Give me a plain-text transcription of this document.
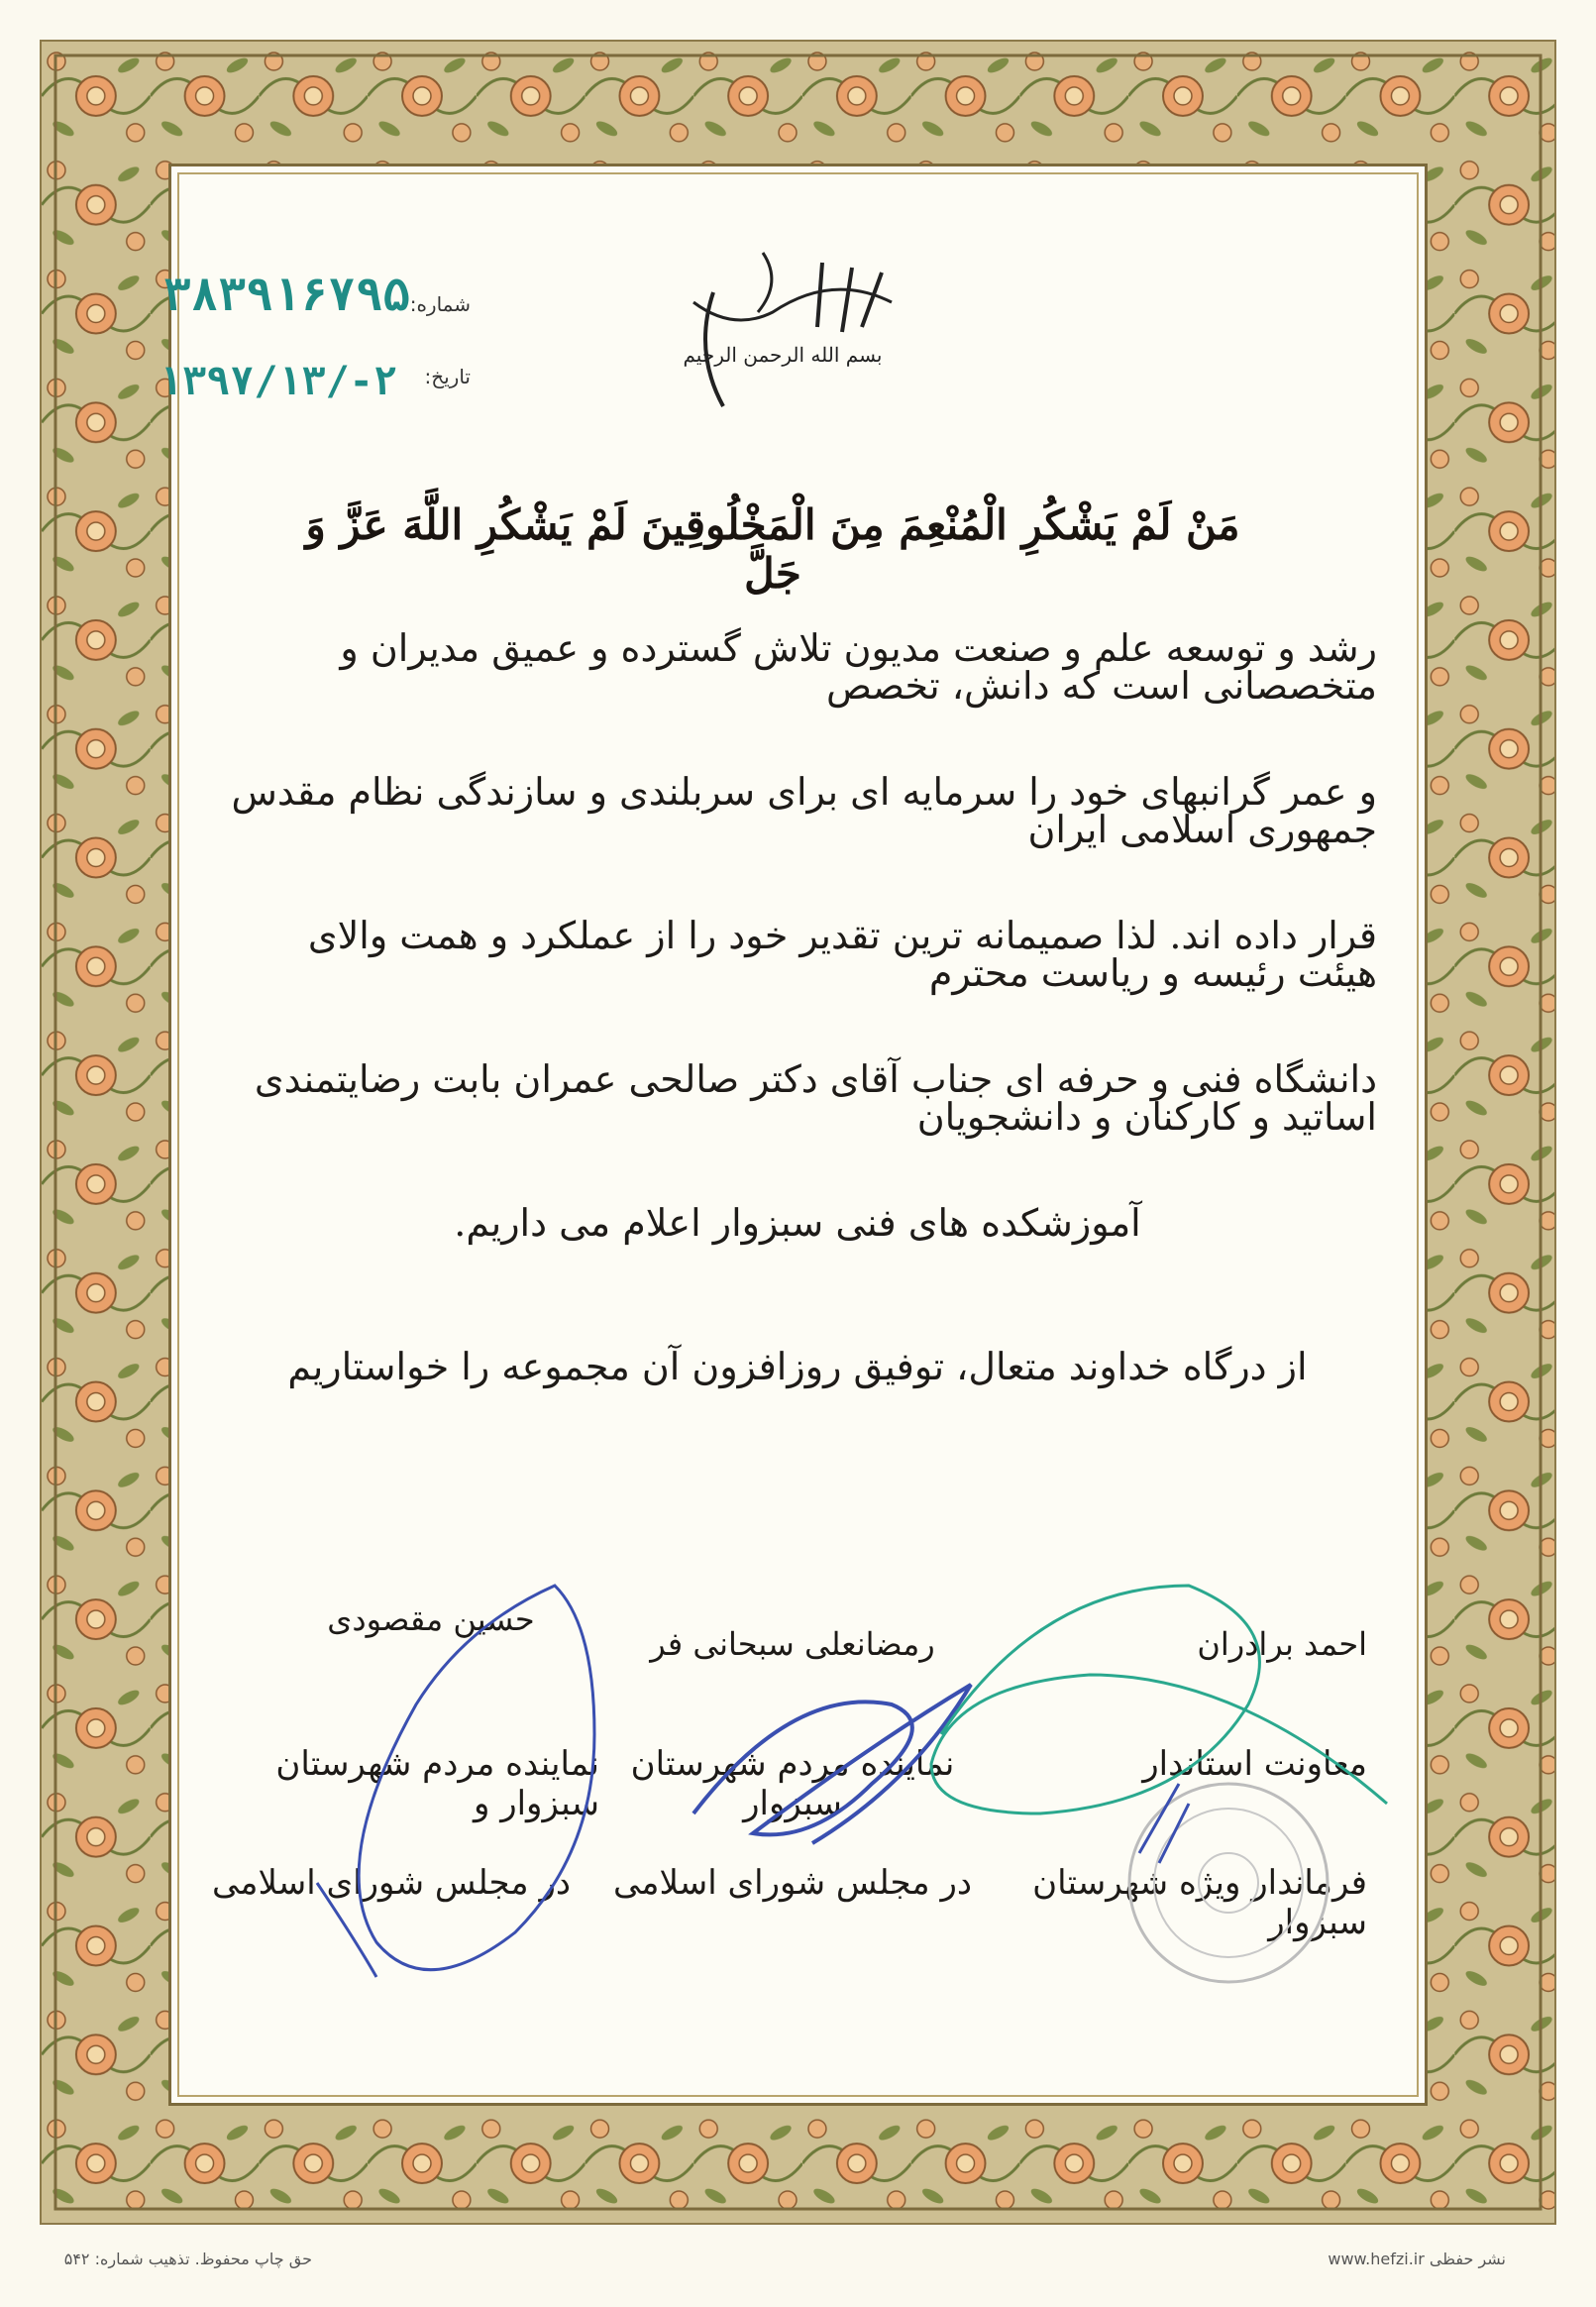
بسم الله الرحمن الرحيم
شماره:
۳۸۳۹۱۶۷۹۵
تاریخ:
۱۳۹۷/۱۳/-۲
مَنْ لَمْ يَشْكُرِ الْمُنْعِمَ مِنَ الْمَخْلُوقِينَ لَمْ يَشْكُرِ اللَّهَ عَزَّ وَ جَلَّ
رشد و توسعه علم و صنعت مدیون تلاش گسترده و عمیق مدیران و متخصصانی است که دانش، تخصص
و عمر گرانبهای خود را سرمایه ای برای سربلندی و سازندگی نظام مقدس جمهوری اسلامی ایران
قرار داده اند. لذا صمیمانه ترین تقدیر خود را از عملکرد و همت والای هیئت رئیسه و ریاست محترم
دانشگاه فنی و حرفه ای جناب آقای دکتر صالحی عمران بابت رضایتمندی اساتید و کارکنان و دانشجویان
آموزشکده های فنی سبزوار اعلام می داریم.
از درگاه خداوند متعال، توفیق روزافزون آن مجموعه را خواستاریم
احمد برادران
معاونت استاندار
فرماندار ویژه شهرستان سبزوار
رمضانعلی سبحانی فر
نماینده مردم شهرستان سبزوار
در مجلس شورای اسلامی
حسین مقصودی
نماینده مردم شهرستان سبزوار و
در مجلس شورای اسلامی
نشر حفظی www.hefzi.ir
حق چاپ محفوظ. تذهیب شماره: ۵۴۲
